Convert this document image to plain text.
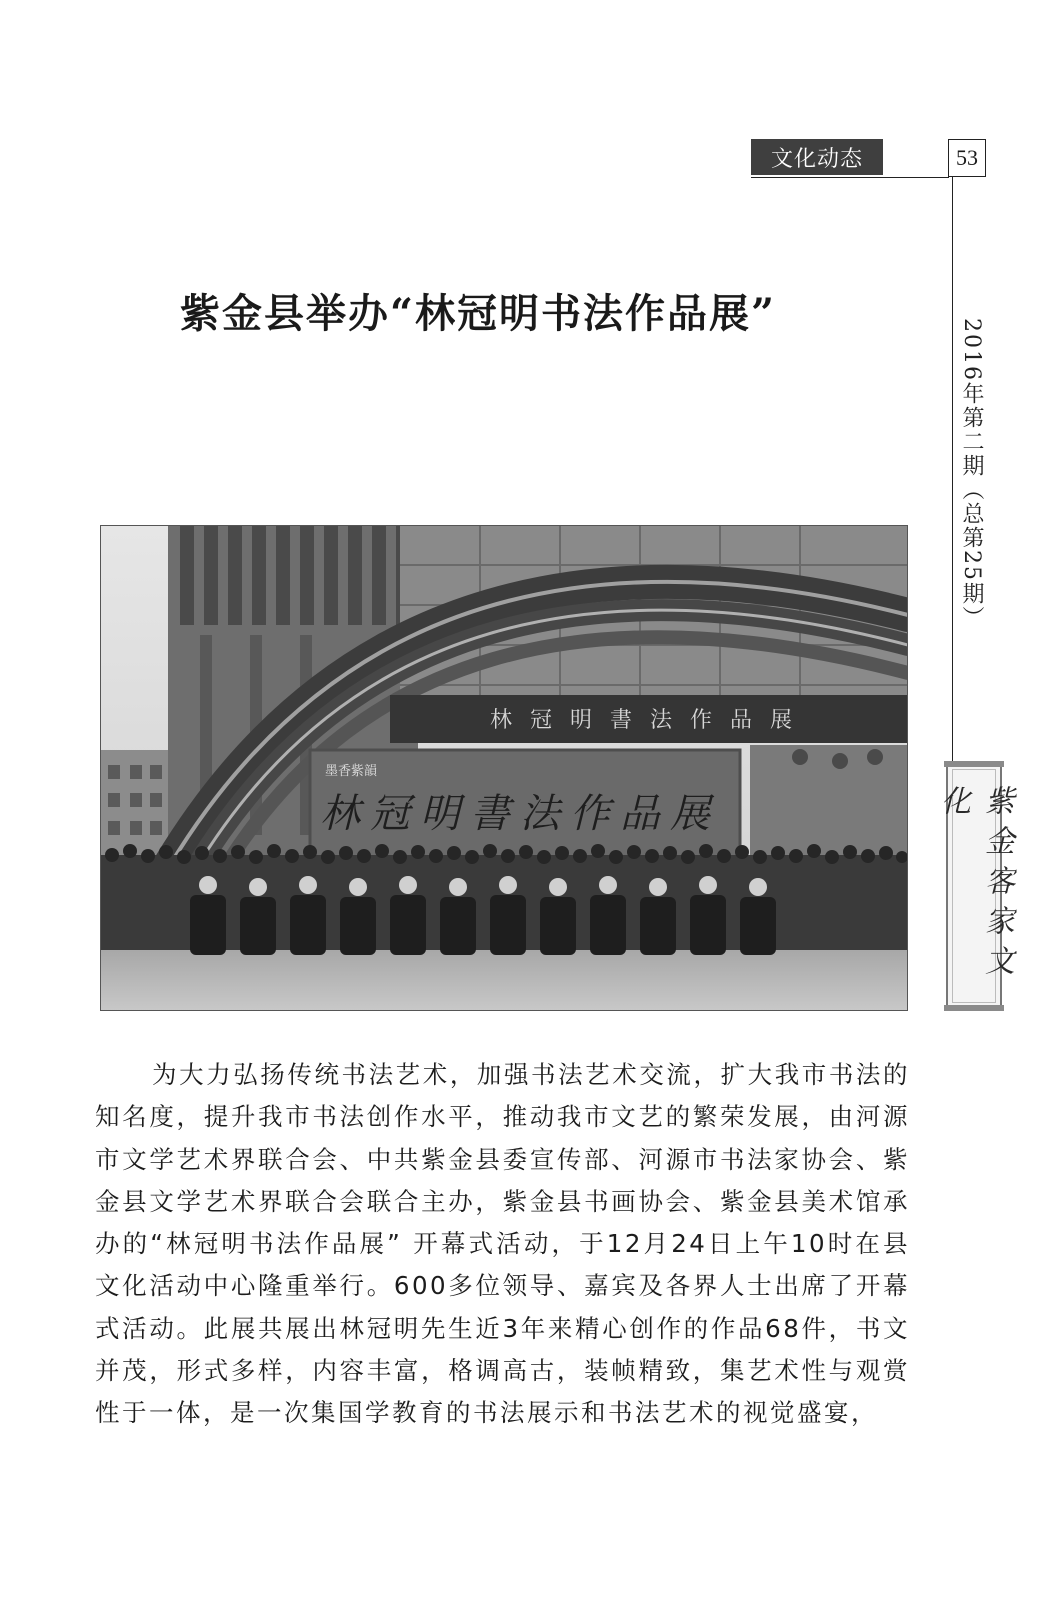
文化动态	53
2016年第二期（总第25期）
紫金客家文化
紫金县举办“林冠明书法作品展”
林冠明書法作品展
墨香紫韻
林冠明書法作品展

为大力弘扬传统书法艺术，加强书法艺术交流，扩大我市书法的知名度，提升我市书法创作水平，推动我市文艺的繁荣发展，由河源市文学艺术界联合会、中共紫金县委宣传部、河源市书法家协会、紫金县文学艺术界联合会联合主办，紫金县书画协会、紫金县美术馆承办的“林冠明书法作品展” 开幕式活动，于12月24日上午10时在县文化活动中心隆重举行。600多位领导、嘉宾及各界人士出席了开幕式活动。此展共展出林冠明先生近3年来精心创作的作品68件，书文并茂，形式多样，内容丰富，格调高古，装帧精致，集艺术性与观赏性于一体，是一次集国学教育的书法展示和书法艺术的视觉盛宴，
